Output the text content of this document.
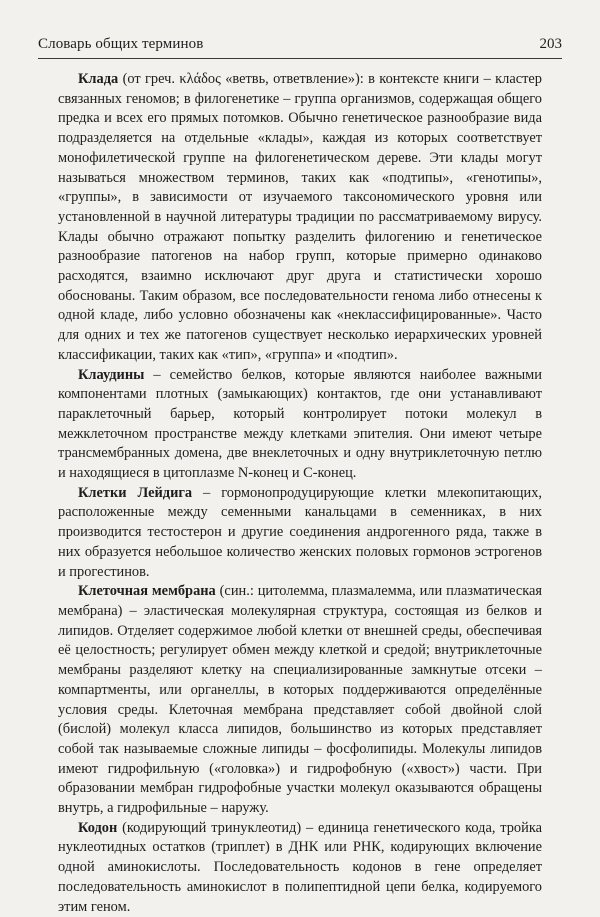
Словарь общих терминов	203

Клада (от греч. κλάδος «ветвь, ответвление»): в контексте книги – кластер связанных геномов; в филогенетике – группа организмов, содержащая общего предка и всех его прямых потомков. Обычно генетическое разнообразие вида подразделяется на отдельные «клады», каждая из которых соответствует монофилетической группе на филогенетическом дереве. Эти клады могут называться множеством терминов, таких как «подтипы», «генотипы», «группы», в зависимости от изучаемого таксономического уровня или установленной в научной литературы традиции по рассматриваемому вирусу. Клады обычно отражают попытку разделить филогению и генетическое разнообразие патогенов на набор групп, которые примерно одинаково расходятся, взаимно исключают друг друга и статистически хорошо обоснованы. Таким образом, все последовательности генома либо отнесены к одной кладе, либо условно обозначены как «неклассифицированные». Часто для одних и тех же патогенов существует несколько иерархических уровней классификации, таких как «тип», «группа» и «подтип».

Клаудины – семейство белков, которые являются наиболее важными компонентами плотных (замыкающих) контактов, где они устанавливают параклеточный барьер, который контролирует потоки молекул в межклеточном пространстве между клетками эпителия. Они имеют четыре трансмембранных домена, две внеклеточных и одну внутриклеточную петлю и находящиеся в цитоплазме N-конец и C-конец.

Клетки Лейдига – гормонопродуцирующие клетки млекопитающих, расположенные между семенными канальцами в семенниках, в них производится тестостерон и другие соединения андрогенного ряда, также в них образуется небольшое количество женских половых гормонов эстрогенов и прогестинов.

Клеточная мембрана (син.: цитолемма, плазмалемма, или плазматическая мембрана) – эластическая молекулярная структура, состоящая из белков и липидов. Отделяет содержимое любой клетки от внешней среды, обеспечивая её целостность; регулирует обмен между клеткой и средой; внутриклеточные мембраны разделяют клетку на специализированные замкнутые отсеки – компартменты, или органеллы, в которых поддерживаются определённые условия среды. Клеточная мембрана представляет собой двойной слой (бислой) молекул класса липидов, большинство из которых представляет собой так называемые сложные липиды – фосфолипиды. Молекулы липидов имеют гидрофильную («головка») и гидрофобную («хвост») части. При образовании мембран гидрофобные участки молекул оказываются обращены внутрь, а гидрофильные – наружу.

Кодон (кодирующий тринуклеотид) – единица генетического кода, тройка нуклеотидных остатков (триплет) в ДНК или РНК, кодирующих включение одной аминокислоты. Последовательность кодонов в гене определяет последовательность аминокислот в полипептидной цепи белка, кодируемого этим геном.
